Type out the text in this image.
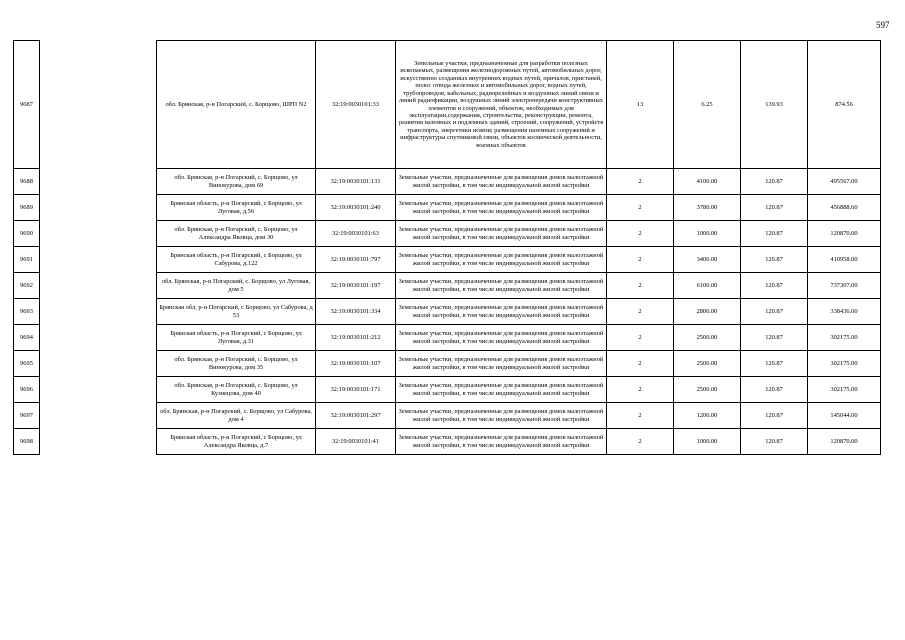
597
9687		обл. Брянская, р-н Погарский, с. Борщово, ШРП N2	32:19:0030101:33	Земельные участки, предназначенные для разработки полезных ископаемых, размещения железнодорожных путей, автомобильных дорог, искусственно созданных внутренних водных путей, причалов, пристаней, полос отвода железных и автомобильных дорог, водных путей, трубопроводов, кабельных, радиорелейных и воздушных линий связи и линий радиофикации, воздушных линий электропередачи конструктивных элементов и сооружений, объектов, необходимых для эксплуатации,содержания, строительства, реконструкции, ремонта, развития наземных и подземных зданий, строений, сооружений, устройств транспорта, энергетики исвязи; размещения наземных сооружений и инфраструктуры спутниковой связи, объектов космической деятельности, военных объектов	13	6.25	139.93	874.56
9688		обл. Брянская, р-н Погарский, с. Борщово, ул Винокурова, дом 69	32:19:0030101:131	Земельные участки, предназначенные для размещения домов малоэтажной жилой застройки, в том числе индивидуальной жилой застройки	2	4100.00	120.87	495567.00
9689		Брянская область, р-н Погарский, с Борщово, ул Луговая, д.56	32:19:0030101:240	Земельные участки, предназначенные для размещения домов малоэтажной жилой застройки, в том числе индивидуальной жилой застройки	2	3780.00	120.87	456888.60
9690		обл. Брянская, р-н Погарский, с. Борщово, ул Александра Яковца, дом 30	32:19:0030101:63	Земельные участки, предназначенные для размещения домов малоэтажной жилой застройки, в том числе индивидуальной жилой застройки	2	1000.00	120.87	120870.00
9691		Брянская область, р-н Погарский, с Борщово, ул Сабурова, д.122	32:19:0030101:797	Земельные участки, предназначенные для размещения домов малоэтажной жилой застройки, в том числе индивидуальной жилой застройки	2	3400.00	120.87	410958.00
9692		обл. Брянская, р-н Погарский, с. Борщово, ул Луговая, дом 5	32:19:0030101:197	Земельные участки, предназначенные для размещения домов малоэтажной жилой застройки, в том числе индивидуальной жилой застройки	2	6100.00	120.87	737307.00
9693		Брянская обл, р-н Погарский, с Борщово, ул Сабурова, д 53	32:19:0030101:334	Земельные участки, предназначенные для размещения домов малоэтажной жилой застройки, в том числе индивидуальной жилой застройки	2	2800.00	120.87	338436.00
9694		Брянская область, р-н Погарский, с Борщово, ул Луговая, д.31	32:19:0030101:212	Земельные участки, предназначенные для размещения домов малоэтажной жилой застройки, в том числе индивидуальной жилой застройки	2	2500.00	120.87	302175.00
9695		обл. Брянская, р-н Погарский, с. Борщово, ул Винокурова, дом 35	32:19:0030101:107	Земельные участки, предназначенные для размещения домов малоэтажной жилой застройки, в том числе индивидуальной жилой застройки	2	2500.00	120.87	302175.00
9696		обл. Брянская, р-н Погарский, с. Борщово, ул Кузнецова, дом 40	32:19:0030101:171	Земельные участки, предназначенные для размещения домов малоэтажной жилой застройки, в том числе индивидуальной жилой застройки	2	2500.00	120.87	302175.00
9697		обл. Брянская, р-н Погарский, с. Борщово, ул Сабурова, дом 4	32:19:0030101:297	Земельные участки, предназначенные для размещения домов малоэтажной жилой застройки, в том числе индивидуальной жилой застройки	2	1200.00	120.87	145044.00
9698		Брянская область, р-н Погарский, с Борщово, ул Александра Яковца, д.7	32:19:0030101:41	Земельные участки, предназначенные для размещения домов малоэтажной жилой застройки, в том числе индивидуальной жилой застройки	2	1000.00	120.87	120870.00
